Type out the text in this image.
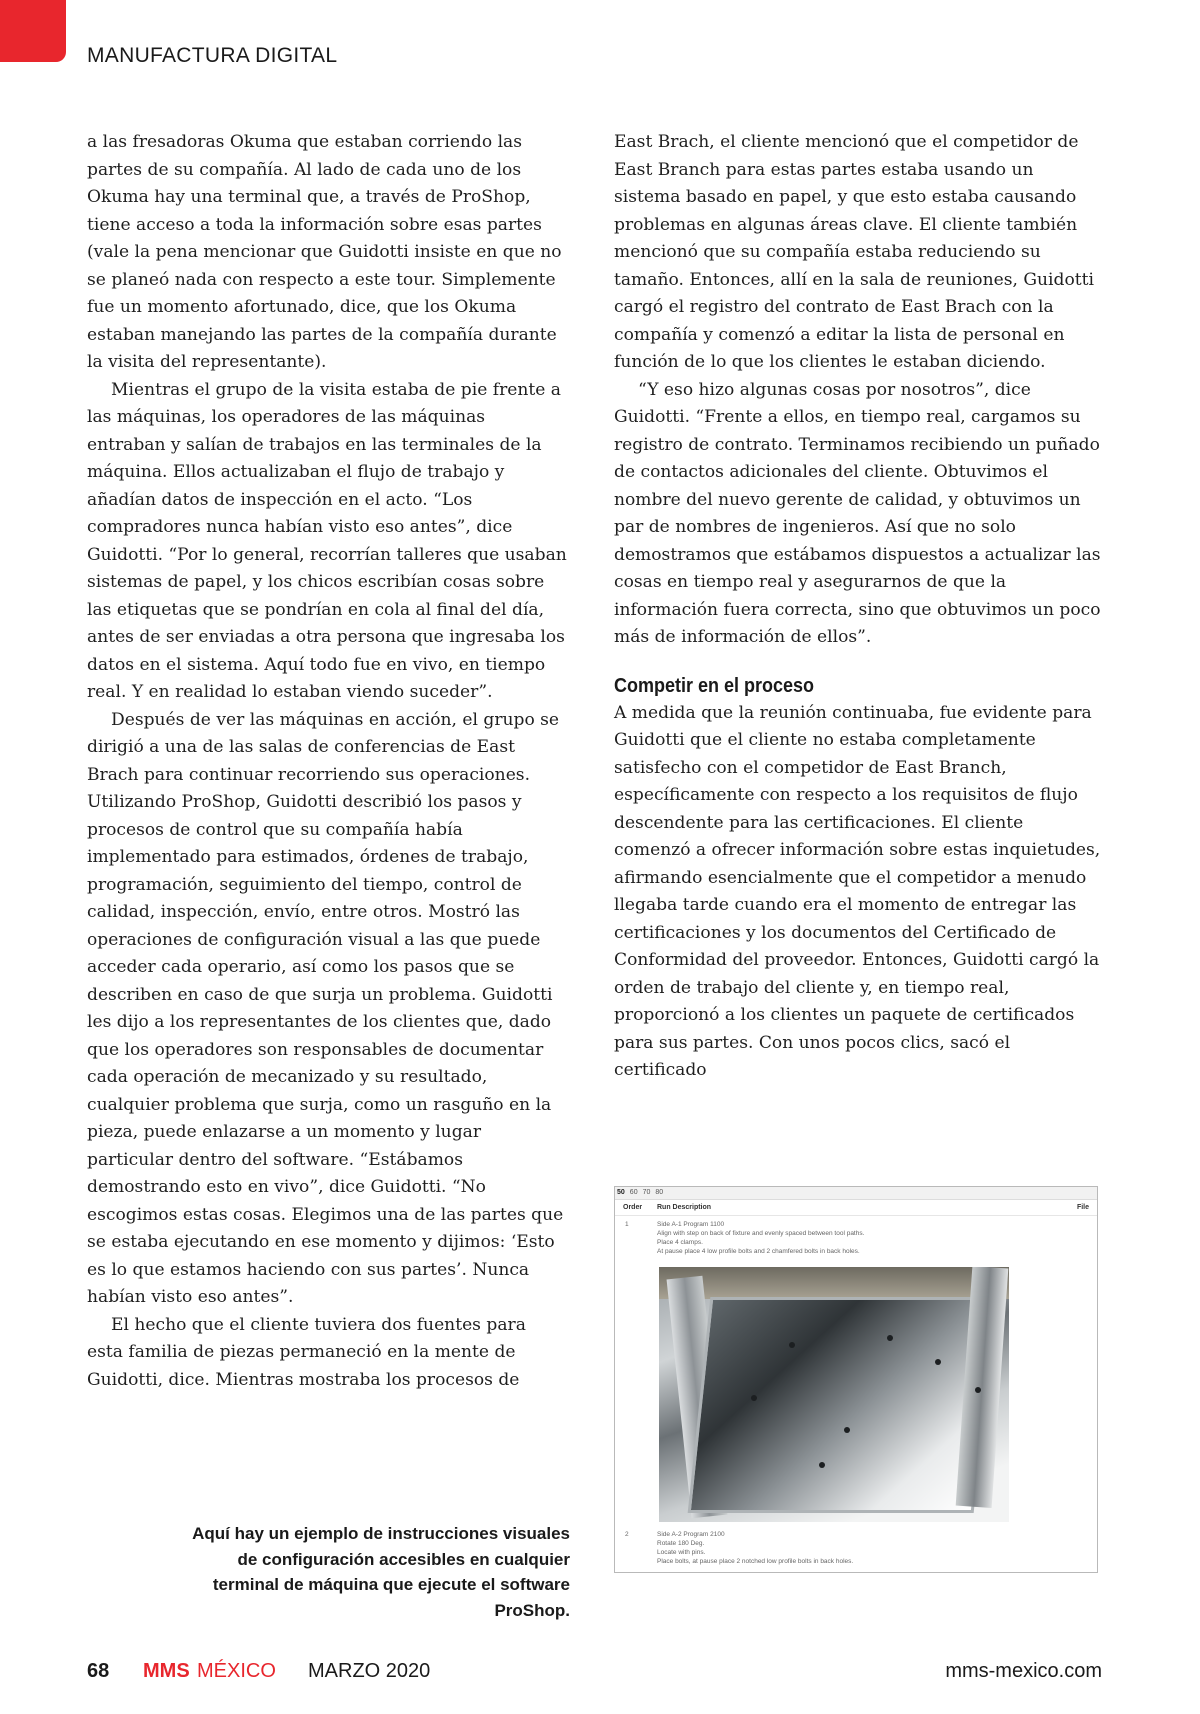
MANUFACTURA DIGITAL

a las fresadoras Okuma que estaban corriendo las partes de su compañía. Al lado de cada uno de los Okuma hay una terminal que, a través de ProShop, tiene acceso a toda la información sobre esas partes (vale la pena mencionar que Guidotti insiste en que no se planeó nada con respecto a este tour. Simplemente fue un momento afortunado, dice, que los Okuma estaban manejando las partes de la compañía durante la visita del representante).

Mientras el grupo de la visita estaba de pie frente a las máquinas, los operadores de las máquinas entraban y salían de trabajos en las terminales de la máquina. Ellos actualizaban el flujo de trabajo y añadían datos de inspección en el acto. “Los compradores nunca habían visto eso antes”, dice Guidotti. “Por lo general, recorrían talleres que usaban sistemas de papel, y los chicos escribían cosas sobre las etiquetas que se pondrían en cola al final del día, antes de ser enviadas a otra persona que ingresaba los datos en el sistema. Aquí todo fue en vivo, en tiempo real. Y en realidad lo estaban viendo suceder”.

Después de ver las máquinas en acción, el grupo se dirigió a una de las salas de conferencias de East Brach para continuar recorriendo sus operaciones. Utilizando ProShop, Guidotti describió los pasos y procesos de control que su compañía había implementado para estimados, órdenes de trabajo, programación, seguimiento del tiempo, control de calidad, inspección, envío, entre otros. Mostró las operaciones de configuración visual a las que puede acceder cada operario, así como los pasos que se describen en caso de que surja un problema. Guidotti les dijo a los representantes de los clientes que, dado que los operadores son responsables de documentar cada operación de mecanizado y su resultado, cualquier problema que surja, como un rasguño en la pieza, puede enlazarse a un momento y lugar particular dentro del software. “Estábamos demostrando esto en vivo”, dice Guidotti. “No escogimos estas cosas. Elegimos una de las partes que se estaba ejecutando en ese momento y dijimos: ‘Esto es lo que estamos haciendo con sus partes’. Nunca habían visto eso antes”.

El hecho que el cliente tuviera dos fuentes para esta familia de piezas permaneció en la mente de Guidotti, dice. Mientras mostraba los procesos de

East Brach, el cliente mencionó que el competidor de East Branch para estas partes estaba usando un sistema basado en papel, y que esto estaba causando problemas en algunas áreas clave. El cliente también mencionó que su compañía estaba reduciendo su tamaño. Entonces, allí en la sala de reuniones, Guidotti cargó el registro del contrato de East Brach con la compañía y comenzó a editar la lista de personal en función de lo que los clientes le estaban diciendo.

“Y eso hizo algunas cosas por nosotros”, dice Guidotti. “Frente a ellos, en tiempo real, cargamos su registro de contrato. Terminamos recibiendo un puñado de contactos adicionales del cliente. Obtuvimos el nombre del nuevo gerente de calidad, y obtuvimos un par de nombres de ingenieros. Así que no solo demostramos que estábamos dispuestos a actualizar las cosas en tiempo real y asegurarnos de que la información fuera correcta, sino que obtuvimos un poco más de información de ellos”.

Competir en el proceso

A medida que la reunión continuaba, fue evidente para Guidotti que el cliente no estaba completamente satisfecho con el competidor de East Branch, específicamente con respecto a los requisitos de flujo descendente para las certificaciones. El cliente comenzó a ofrecer información sobre estas inquietudes, afirmando esencialmente que el competidor a menudo llegaba tarde cuando era el momento de entregar las certificaciones y los documentos del Certificado de Conformidad del proveedor. Entonces, Guidotti cargó la orden de trabajo del cliente y, en tiempo real, proporcionó a los clientes un paquete de certificados para sus partes. Con unos pocos clics, sacó el certificado

50 60 70 80
Order Run Description	File
1	Side A-1 Program 1100
Align with step on back of fixture and evenly spaced between tool paths.
Place 4 clamps.
At pause place 4 low profile bolts and 2 chamfered bolts in back holes.
2	Side A-2 Program 2100
Rotate 180 Deg.
Locate with pins.
Place bolts, at pause place 2 notched low profile bolts in back holes.
Aquí hay un ejemplo de instrucciones visuales de configuración accesibles en cualquier terminal de máquina que ejecute el software ProShop.
68 MMS MÉXICO MARZO 2020	mms-mexico.com
